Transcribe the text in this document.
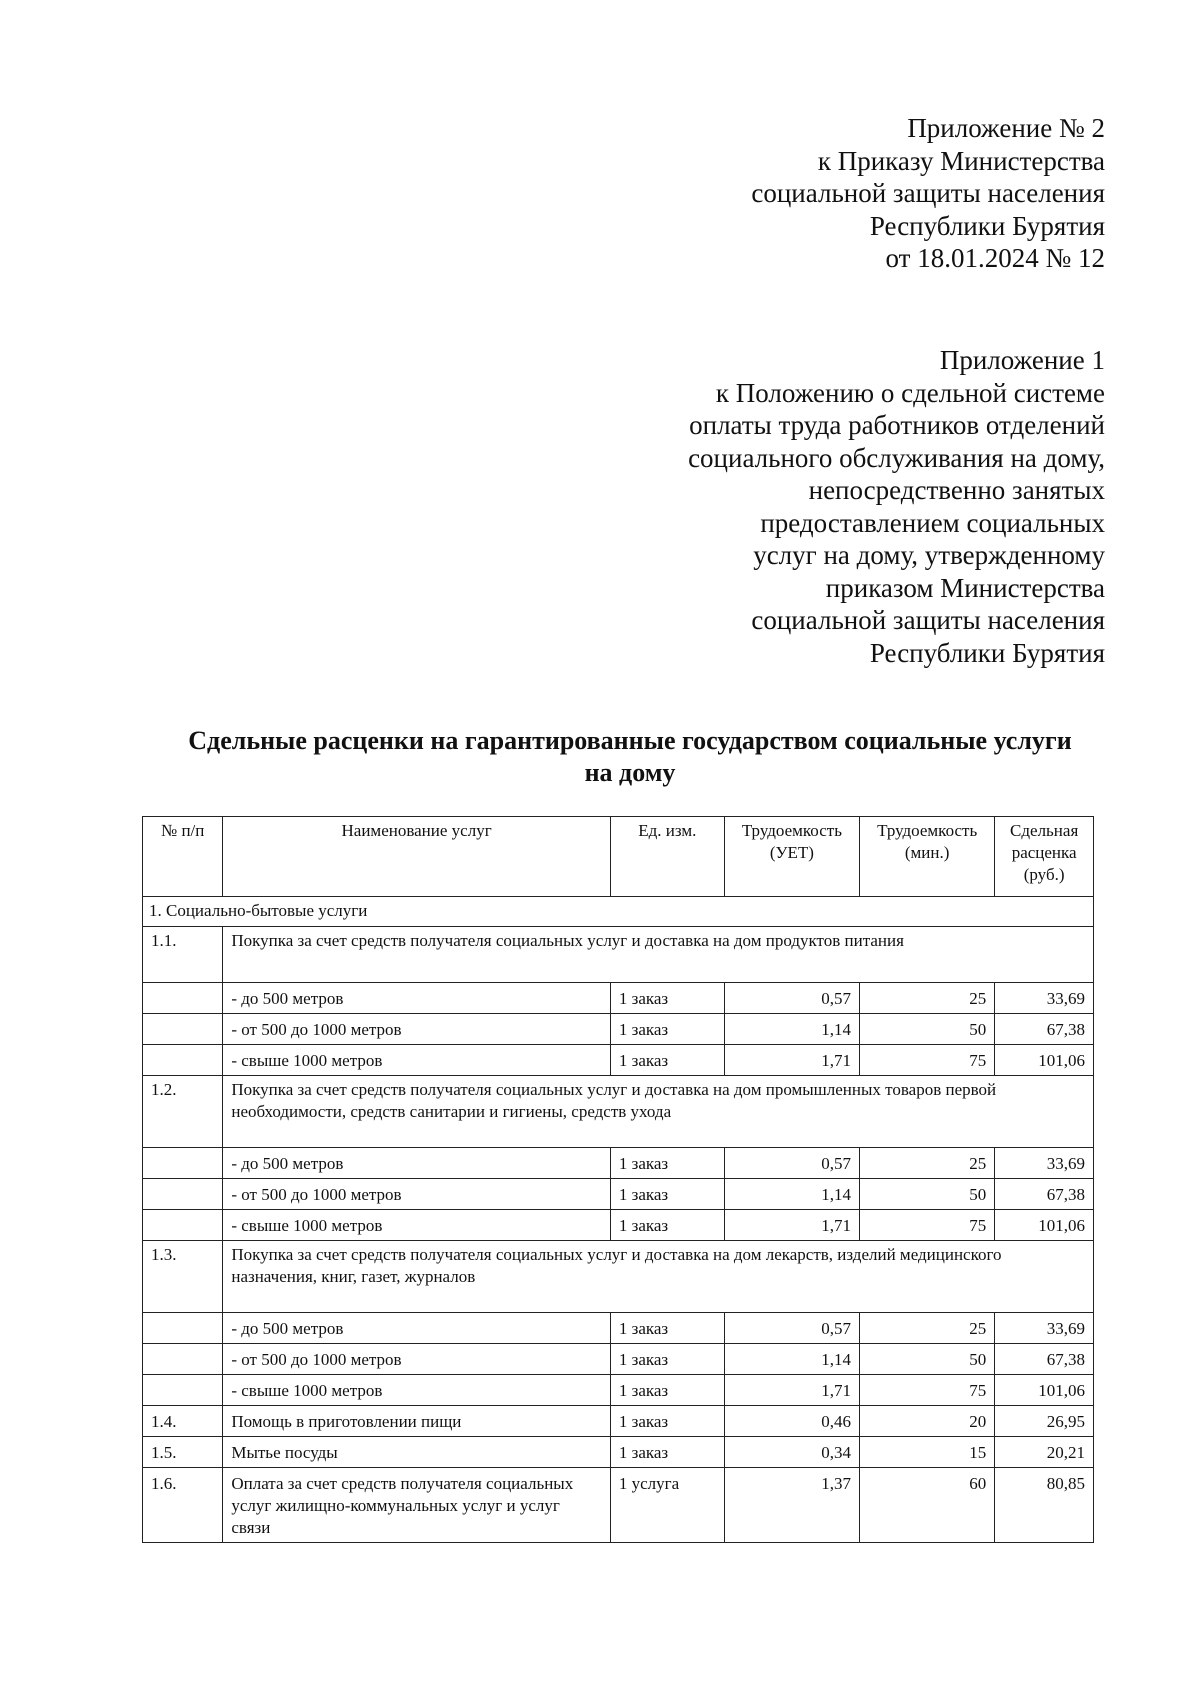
Приложение № 2
к Приказу Министерства
социальной защиты населения
Республики Бурятия
от 18.01.2024 № 12
Приложение 1
к Положению о сдельной системе
оплаты труда работников отделений
социального обслуживания на дому,
непосредственно занятых
предоставлением социальных
услуг на дому, утвержденному
приказом Министерства
социальной защиты населения
Республики Бурятия
Сдельные расценки на гарантированные государством социальные услуги
на дому
№ п/п	Наименование услуг	Ед. изм.	Трудоемкость (УЕТ)	Трудоемкость (мин.)	Сдельная расценка (руб.)
1. Социально-бытовые услуги					
1.1.	Покупка за счет средств получателя социальных услуг и доставка на дом продуктов питания				
	- до 500 метров	1 заказ	0,57	25	33,69
	- от 500 до 1000 метров	1 заказ	1,14	50	67,38
	- свыше 1000 метров	1 заказ	1,71	75	101,06
1.2.	Покупка за счет средств получателя социальных услуг и доставка на дом промышленных товаров первой необходимости, средств санитарии и гигиены, средств ухода				
	- до 500 метров	1 заказ	0,57	25	33,69
	- от 500 до 1000 метров	1 заказ	1,14	50	67,38
	- свыше 1000 метров	1 заказ	1,71	75	101,06
1.3.	Покупка за счет средств получателя социальных услуг и доставка на дом лекарств, изделий медицинского назначения, книг, газет, журналов				
	- до 500 метров	1 заказ	0,57	25	33,69
	- от 500 до 1000 метров	1 заказ	1,14	50	67,38
	- свыше 1000 метров	1 заказ	1,71	75	101,06
1.4.	Помощь в приготовлении пищи	1 заказ	0,46	20	26,95
1.5.	Мытье посуды	1 заказ	0,34	15	20,21
1.6.	Оплата за счет средств получателя социальных услуг жилищно-коммунальных услуг и услуг связи	1 услуга	1,37	60	80,85
